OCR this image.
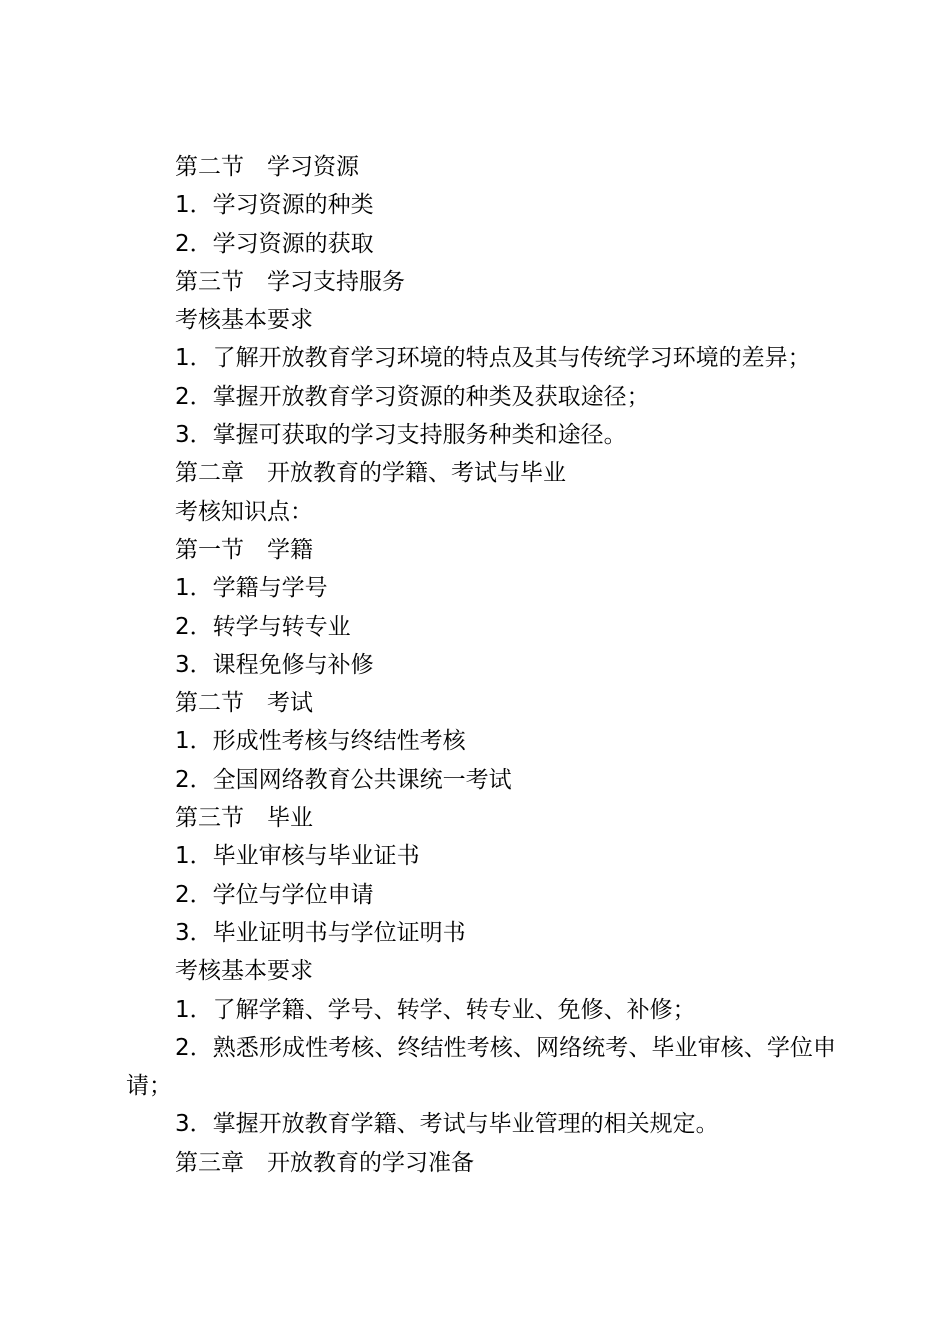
第二节　学习资源
1．学习资源的种类
2．学习资源的获取
第三节　学习支持服务
考核基本要求
1．了解开放教育学习环境的特点及其与传统学习环境的差异；
2．掌握开放教育学习资源的种类及获取途径；
3．掌握可获取的学习支持服务种类和途径。
第二章　开放教育的学籍、考试与毕业
考核知识点：
第一节　学籍
1．学籍与学号
2．转学与转专业
3．课程免修与补修
第二节　考试
1．形成性考核与终结性考核
2．全国网络教育公共课统一考试
第三节　毕业
1．毕业审核与毕业证书
2．学位与学位申请
3．毕业证明书与学位证明书
考核基本要求
1．了解学籍、学号、转学、转专业、免修、补修；
2．熟悉形成性考核、终结性考核、网络统考、毕业审核、学位申请；
3．掌握开放教育学籍、考试与毕业管理的相关规定。
第三章　开放教育的学习准备
